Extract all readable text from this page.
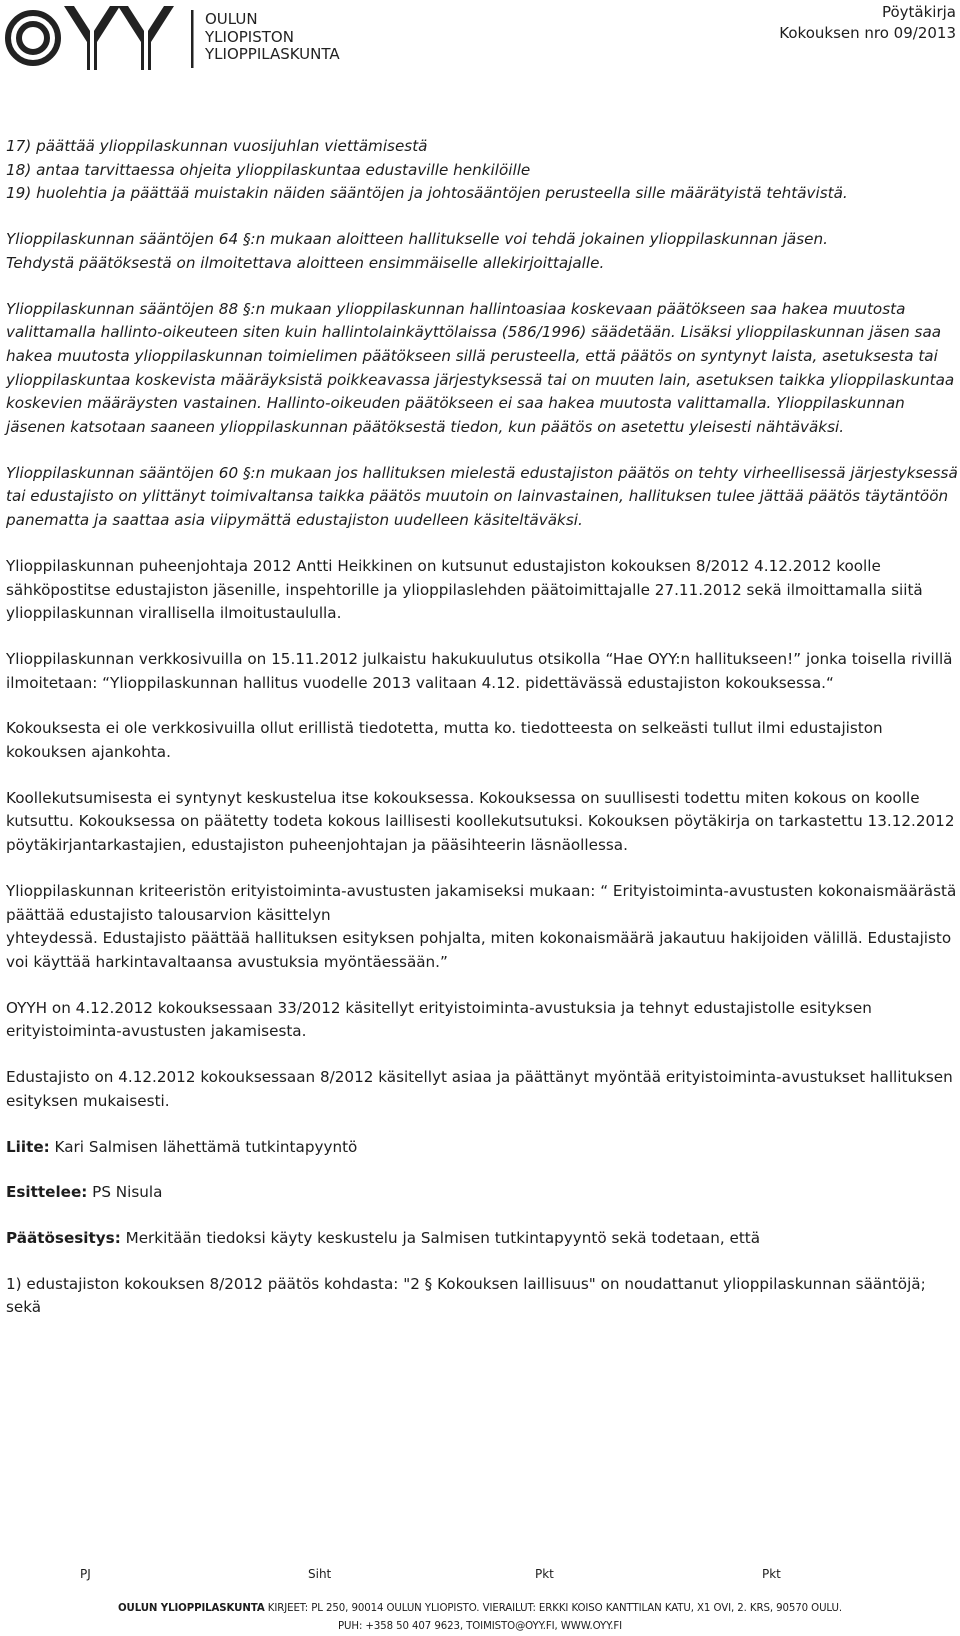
OULUN
YLIOPISTON
YLIOPPILASKUNTA
Pöytäkirja
Kokouksen nro 09/2013
17) päättää ylioppilaskunnan vuosijuhlan viettämisestä
18) antaa tarvittaessa ohjeita ylioppilaskuntaa edustaville henkilöille
19) huolehtia ja päättää muistakin näiden sääntöjen ja johtosääntöjen perusteella sille määrätyistä tehtävistä.
Ylioppilaskunnan sääntöjen 64 §:n mukaan aloitteen hallitukselle voi tehdä jokainen ylioppilaskunnan jäsen.
Tehdystä päätöksestä on ilmoitettava aloitteen ensimmäiselle allekirjoittajalle.
Ylioppilaskunnan sääntöjen 88 §:n mukaan ylioppilaskunnan hallintoasiaa koskevaan päätökseen saa hakea muutosta valittamalla hallinto-oikeuteen siten kuin hallintolainkäyttölaissa (586/1996) säädetään. Lisäksi ylioppilaskunnan jäsen saa hakea muutosta ylioppilaskunnan toimielimen päätökseen sillä perusteella, että päätös on syntynyt laista, asetuksesta tai ylioppilaskuntaa koskevista määräyksistä poikkeavassa järjestyksessä tai on muuten lain, asetuksen taikka ylioppilaskuntaa koskevien määräysten vastainen. Hallinto-oikeuden päätökseen ei saa hakea muutosta valittamalla. Ylioppilaskunnan jäsenen katsotaan saaneen ylioppilaskunnan päätöksestä tiedon, kun päätös on asetettu yleisesti nähtäväksi.
Ylioppilaskunnan sääntöjen 60 §:n mukaan jos hallituksen mielestä edustajiston päätös on tehty virheellisessä järjestyksessä tai edustajisto on ylittänyt toimivaltansa taikka päätös muutoin on lainvastainen, hallituksen tulee jättää päätös täytäntöön panematta ja saattaa asia viipymättä edustajiston uudelleen käsiteltäväksi.
Ylioppilaskunnan puheenjohtaja 2012 Antti Heikkinen on kutsunut edustajiston kokouksen 8/2012 4.12.2012 koolle sähköpostitse edustajiston jäsenille, inspehtorille ja ylioppilaslehden päätoimittajalle 27.11.2012 sekä ilmoittamalla siitä ylioppilaskunnan virallisella ilmoitustaululla.
Ylioppilaskunnan verkkosivuilla on 15.11.2012 julkaistu hakukuulutus otsikolla “Hae OYY:n hallitukseen!” jonka toisella rivillä ilmoitetaan: “Ylioppilaskunnan hallitus vuodelle 2013 valitaan 4.12. pidettävässä edustajiston kokouksessa.“
Kokouksesta ei ole verkkosivuilla ollut erillistä tiedotetta, mutta ko. tiedotteesta on selkeästi tullut ilmi edustajiston kokouksen ajankohta.
Koollekutsumisesta ei syntynyt keskustelua itse kokouksessa. Kokouksessa on suullisesti todettu miten kokous on koolle kutsuttu. Kokouksessa on päätetty todeta kokous laillisesti koollekutsutuksi. Kokouksen pöytäkirja on tarkastettu 13.12.2012 pöytäkirjantarkastajien, edustajiston puheenjohtajan ja pääsihteerin läsnäollessa.
Ylioppilaskunnan kriteeristön erityistoiminta-avustusten jakamiseksi mukaan: “ Erityistoiminta-avustusten kokonaismäärästä päättää edustajisto talousarvion käsittelyn
yhteydessä. Edustajisto päättää hallituksen esityksen pohjalta, miten kokonaismäärä jakautuu hakijoiden välillä. Edustajisto voi käyttää harkintavaltaansa avustuksia myöntäessään.”
OYYH on 4.12.2012 kokouksessaan 33/2012 käsitellyt erityistoiminta-avustuksia ja tehnyt edustajistolle esityksen erityistoiminta-avustusten jakamisesta.
Edustajisto on 4.12.2012 kokouksessaan 8/2012 käsitellyt asiaa ja päättänyt myöntää erityistoiminta-avustukset hallituksen esityksen mukaisesti.
Liite: Kari Salmisen lähettämä tutkintapyyntö
Esittelee: PS Nisula
Päätösesitys: Merkitään tiedoksi käyty keskustelu ja Salmisen tutkintapyyntö sekä todetaan, että
1) edustajiston kokouksen 8/2012 päätös kohdasta: "2 § Kokouksen laillisuus" on noudattanut ylioppilaskunnan sääntöjä; sekä
PJ	Siht	Pkt	Pkt
OULUN YLIOPPILASKUNTA KIRJEET: PL 250, 90014 OULUN YLIOPISTO. VIERAILUT: ERKKI KOISO KANTTILAN KATU, X1 OVI, 2. KRS, 90570 OULU.
PUH: +358 50 407 9623, TOIMISTO@OYY.FI, WWW.OYY.FI
